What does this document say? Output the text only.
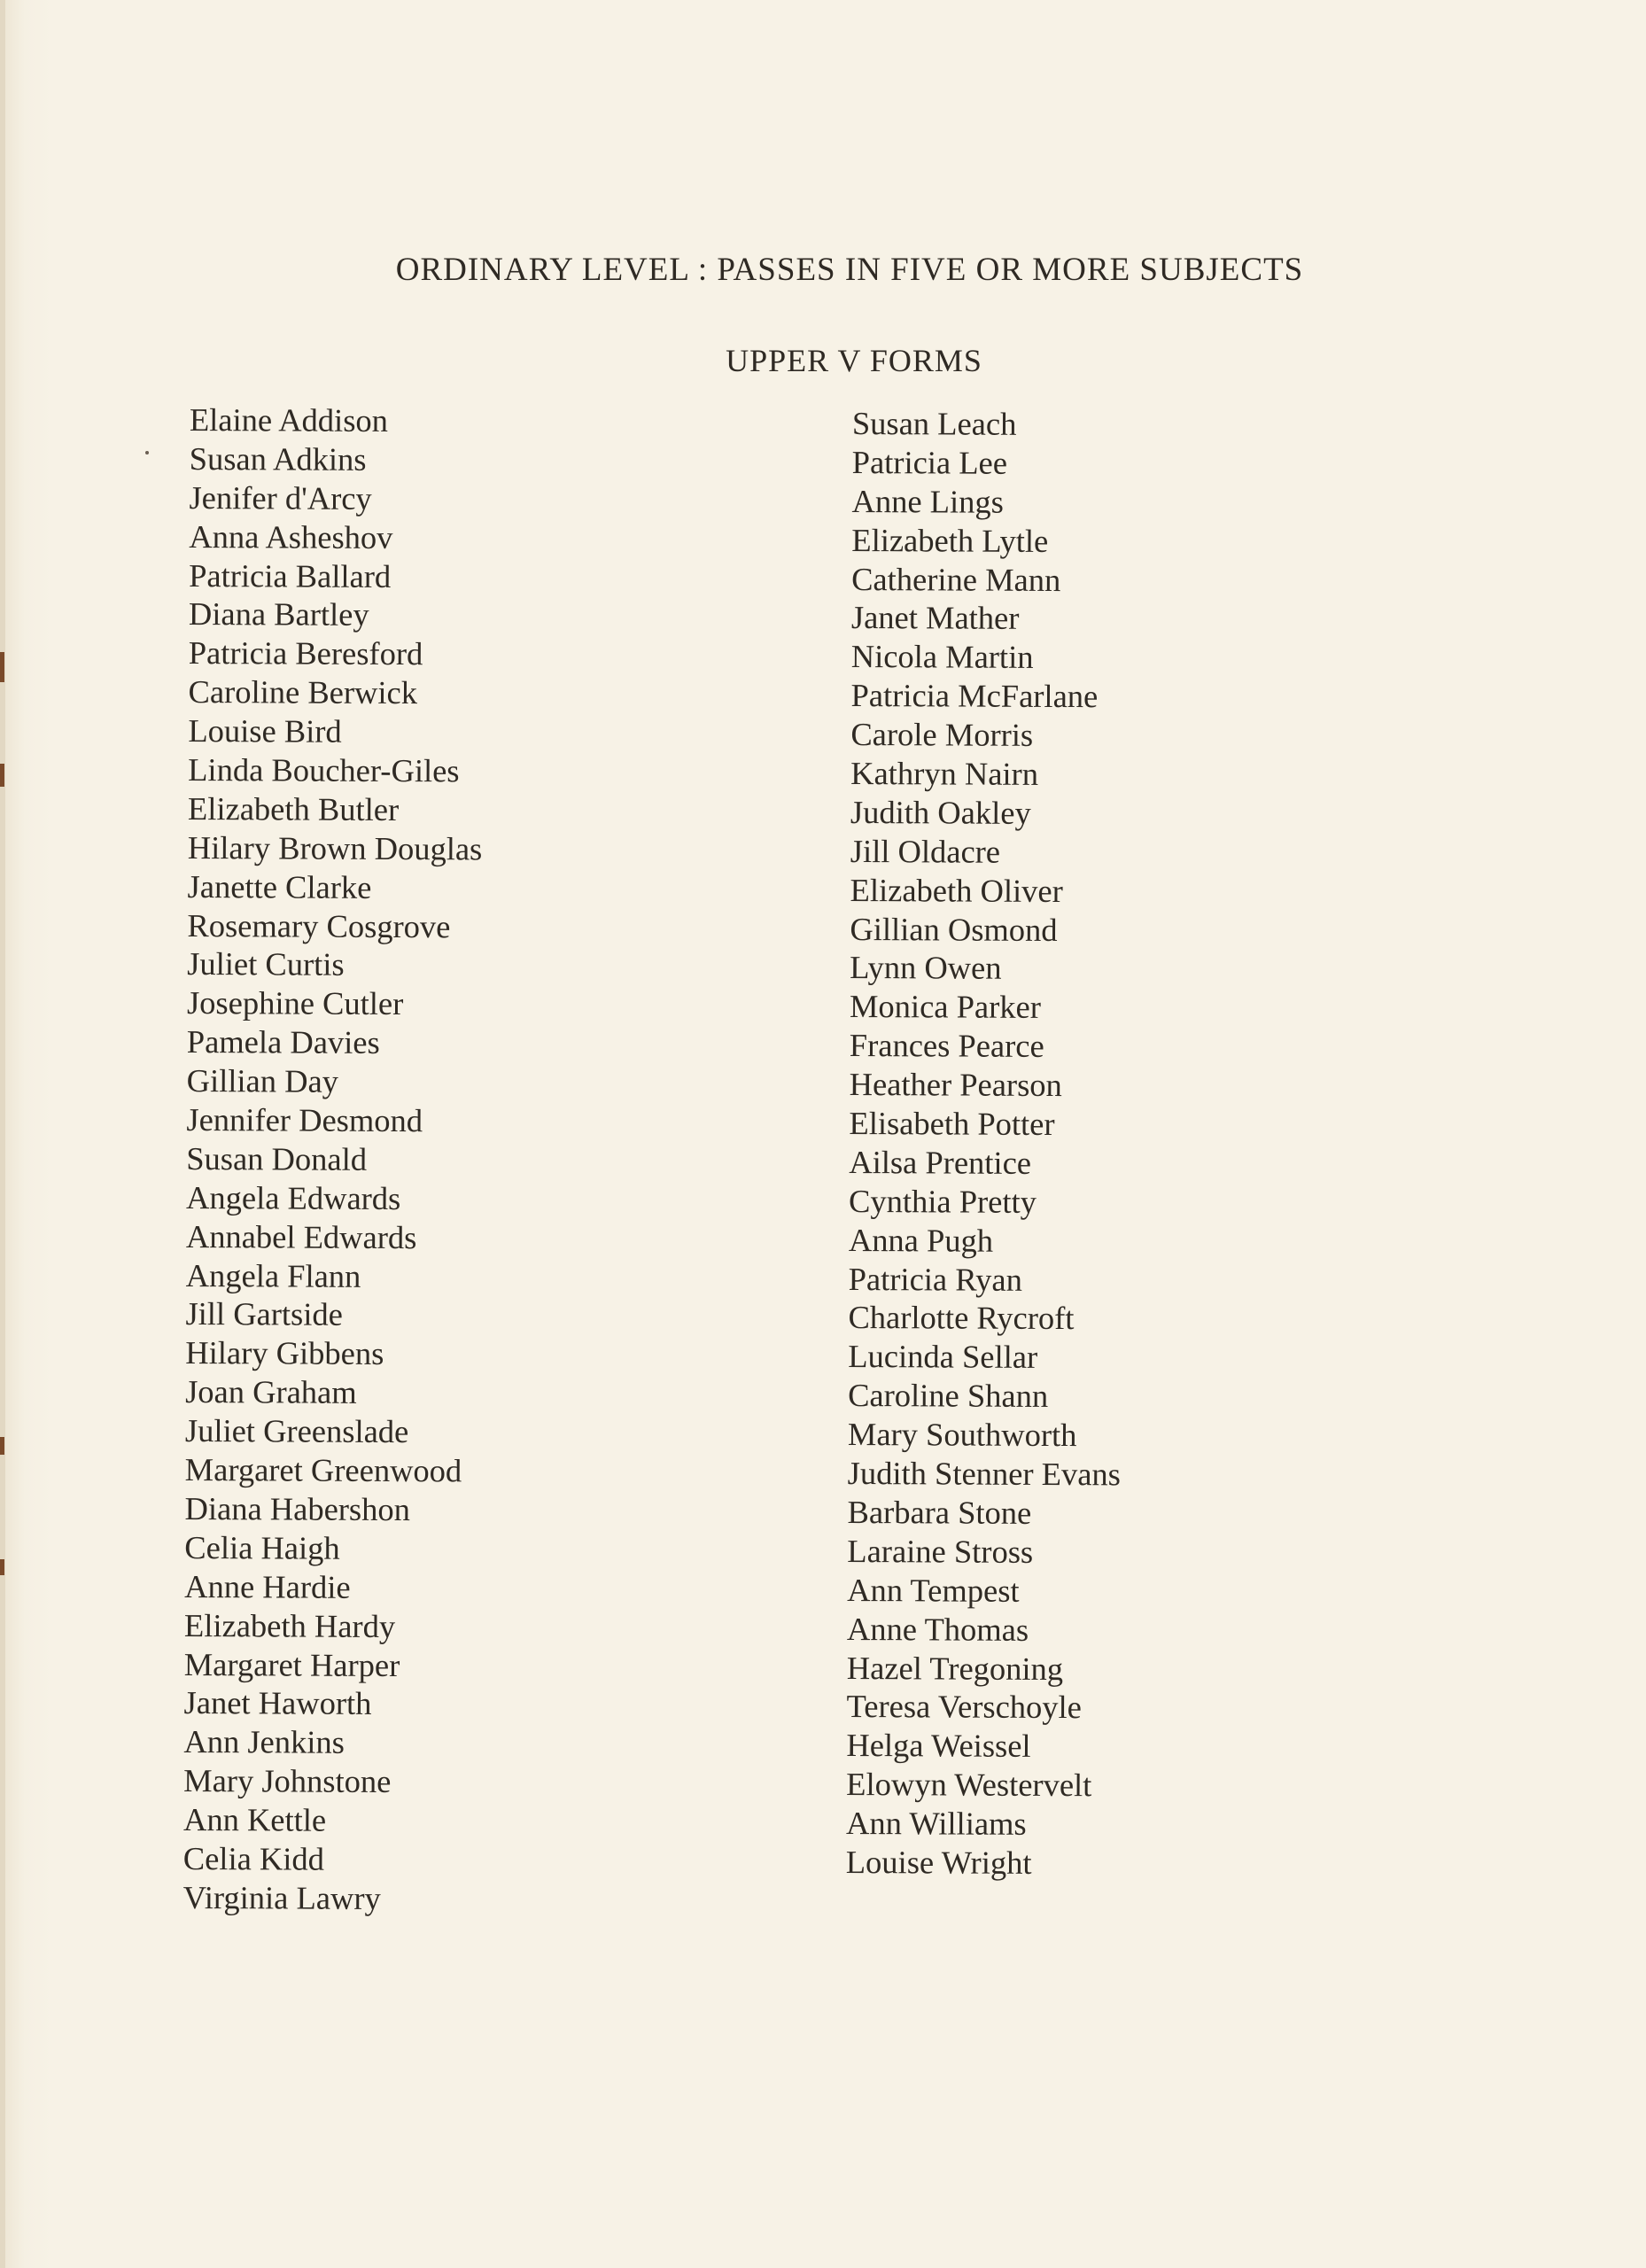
ORDINARY LEVEL : PASSES IN FIVE OR MORE SUBJECTS
UPPER V FORMS
Elaine Addison
Susan Adkins
Jenifer d'Arcy
Anna Asheshov
Patricia Ballard
Diana Bartley
Patricia Beresford
Caroline Berwick
Louise Bird
Linda Boucher-Giles
Elizabeth Butler
Hilary Brown Douglas
Janette Clarke
Rosemary Cosgrove
Juliet Curtis
Josephine Cutler
Pamela Davies
Gillian Day
Jennifer Desmond
Susan Donald
Angela Edwards
Annabel Edwards
Angela Flann
Jill Gartside
Hilary Gibbens
Joan Graham
Juliet Greenslade
Margaret Greenwood
Diana Habershon
Celia Haigh
Anne Hardie
Elizabeth Hardy
Margaret Harper
Janet Haworth
Ann Jenkins
Mary Johnstone
Ann Kettle
Celia Kidd
Virginia Lawry
Susan Leach
Patricia Lee
Anne Lings
Elizabeth Lytle
Catherine Mann
Janet Mather
Nicola Martin
Patricia McFarlane
Carole Morris
Kathryn Nairn
Judith Oakley
Jill Oldacre
Elizabeth Oliver
Gillian Osmond
Lynn Owen
Monica Parker
Frances Pearce
Heather Pearson
Elisabeth Potter
Ailsa Prentice
Cynthia Pretty
Anna Pugh
Patricia Ryan
Charlotte Rycroft
Lucinda Sellar
Caroline Shann
Mary Southworth
Judith Stenner Evans
Barbara Stone
Laraine Stross
Ann Tempest
Anne Thomas
Hazel Tregoning
Teresa Verschoyle
Helga Weissel
Elowyn Westervelt
Ann Williams
Louise Wright
